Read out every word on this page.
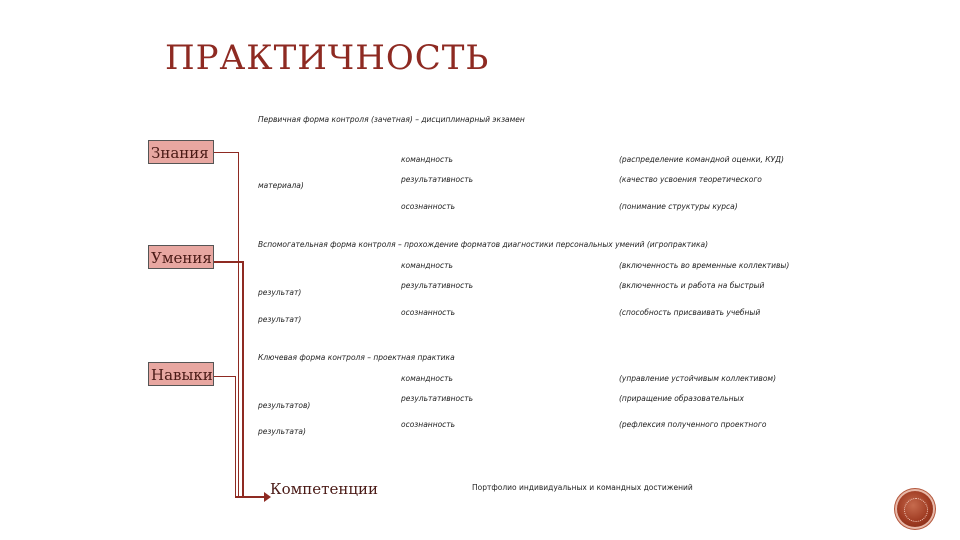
ПРАКТИЧНОСТЬ
Знания
Первичная форма контроля (зачетная) – дисциплинарный экзамен
командность	(распределение командной оценки, КУД)
результативность	(качество усвоения теоретического
материала)
осознанность	(понимание структуры курса)
Умения
Вспомогательная форма контроля – прохождение форматов диагностики персональных умений (игропрактика)
командность	(включенность во временные коллективы)
результативность	(включенность и работа на быстрый
результат)
осознанность	(способность присваивать учебный
результат)
Навыки
Ключевая форма контроля – проектная практика
командность	(управление устойчивым коллективом)
результативность	(приращение образовательных
результатов)
осознанность	(рефлексия полученного проектного
результата)
Компетенции	Портфолио индивидуальных и командных достижений
